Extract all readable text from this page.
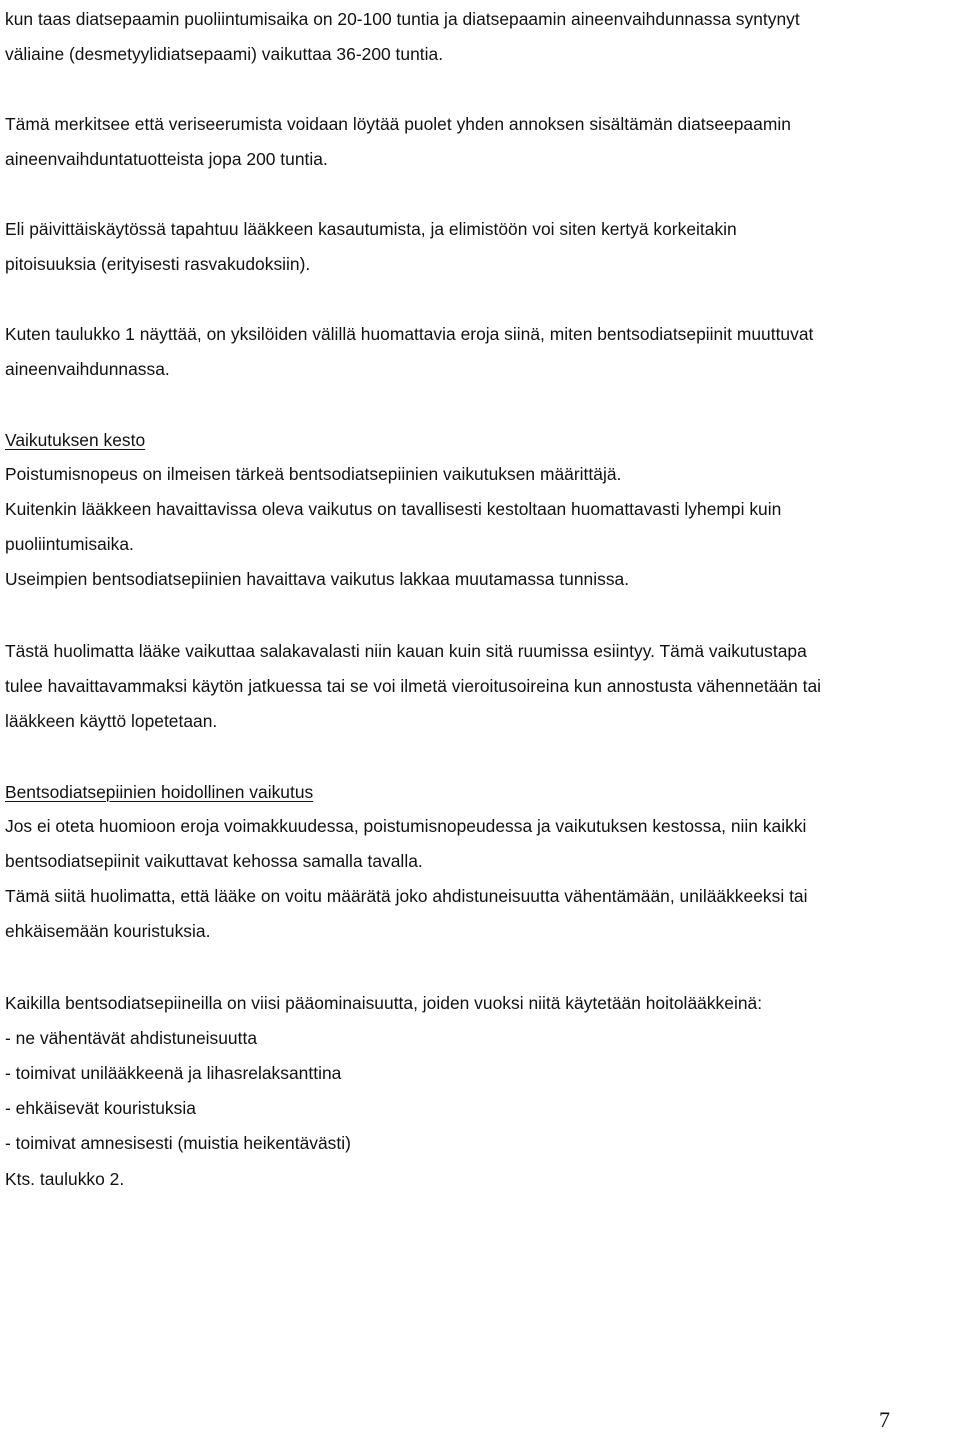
kun taas diatsepaamin puoliintumisaika on 20-100 tuntia ja diatsepaamin aineenvaihdunnassa syntynyt
väliaine (desmetyylidiatsepaami) vaikuttaa 36-200 tuntia.
Tämä merkitsee että veriseerumista voidaan löytää puolet yhden annoksen sisältämän diatseepaamin
aineenvaihduntatuotteista jopa 200 tuntia.
Eli päivittäiskäytössä tapahtuu lääkkeen kasautumista, ja elimistöön voi siten kertyä korkeitakin
pitoisuuksia (erityisesti rasvakudoksiin).
Kuten taulukko 1 näyttää, on yksilöiden välillä huomattavia eroja siinä, miten bentsodiatsepiinit muuttuvat
aineenvaihdunnassa.
Vaikutuksen kesto
Poistumisnopeus on ilmeisen tärkeä bentsodiatsepiinien vaikutuksen määrittäjä.
Kuitenkin lääkkeen havaittavissa oleva vaikutus on tavallisesti kestoltaan huomattavasti lyhempi kuin
puoliintumisaika.
Useimpien bentsodiatsepiinien havaittava vaikutus lakkaa muutamassa tunnissa.
Tästä huolimatta lääke vaikuttaa salakavalasti niin kauan kuin sitä ruumissa esiintyy. Tämä vaikutustapa
tulee havaittavammaksi käytön jatkuessa tai se voi ilmetä vieroitusoireina kun annostusta vähennetään tai
lääkkeen käyttö lopetetaan.
Bentsodiatsepiinien hoidollinen vaikutus
Jos ei oteta huomioon eroja voimakkuudessa, poistumisnopeudessa ja vaikutuksen kestossa, niin kaikki
bentsodiatsepiinit vaikuttavat kehossa samalla tavalla.
Tämä siitä huolimatta, että lääke on voitu määrätä joko ahdistuneisuutta vähentämään, unilääkkeeksi tai
ehkäisemään kouristuksia.
Kaikilla bentsodiatsepiineilla on viisi pääominaisuutta, joiden vuoksi niitä käytetään hoitolääkkeinä:
- ne vähentävät ahdistuneisuutta
- toimivat unilääkkeenä ja lihasrelaksanttina
- ehkäisevät kouristuksia
- toimivat amnesisesti (muistia heikentävästi)
Kts. taulukko 2.
7
